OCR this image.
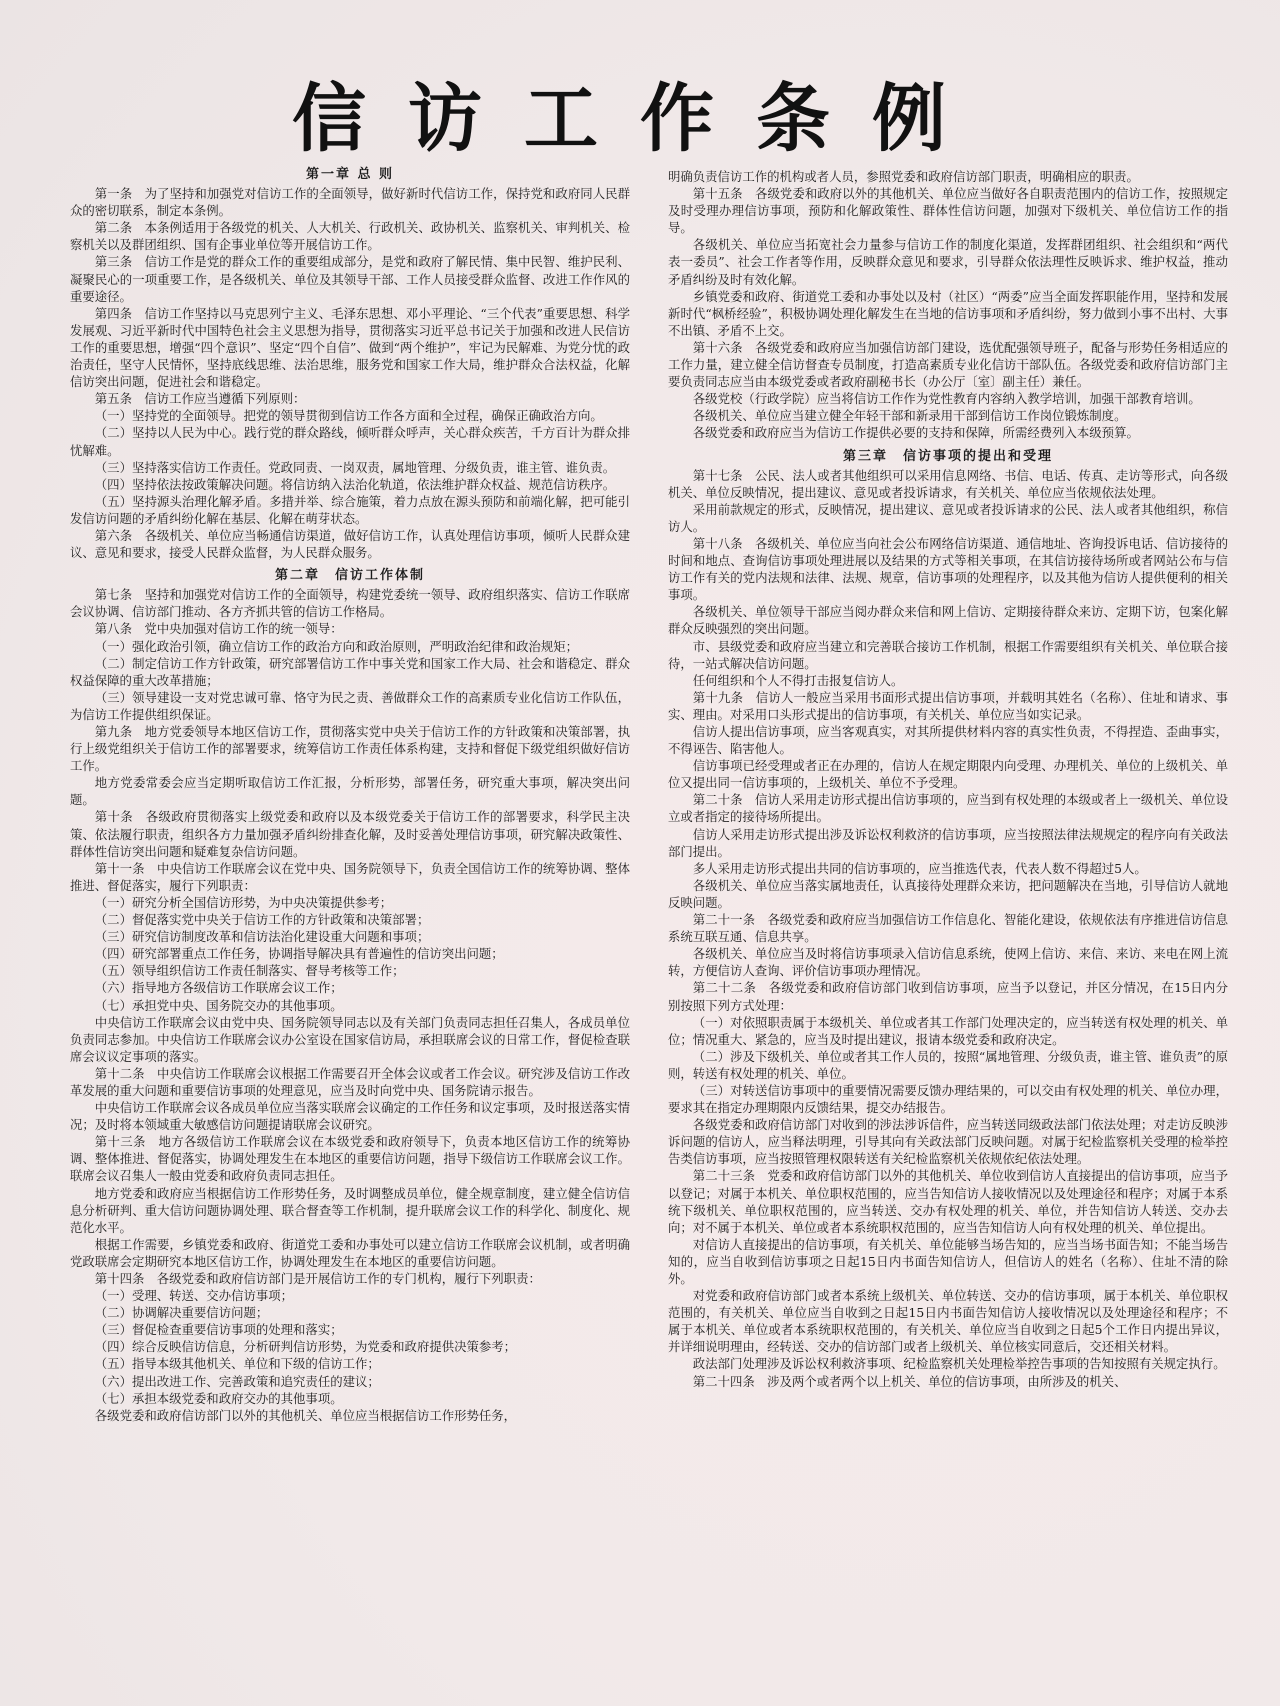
信访工作条例
第一章 总 则

第一条　为了坚持和加强党对信访工作的全面领导，做好新时代信访工作，保持党和政府同人民群众的密切联系，制定本条例。

第二条　本条例适用于各级党的机关、人大机关、行政机关、政协机关、监察机关、审判机关、检察机关以及群团组织、国有企事业单位等开展信访工作。

第三条　信访工作是党的群众工作的重要组成部分，是党和政府了解民情、集中民智、维护民利、凝聚民心的一项重要工作，是各级机关、单位及其领导干部、工作人员接受群众监督、改进工作作风的重要途径。

第四条　信访工作坚持以马克思列宁主义、毛泽东思想、邓小平理论、“三个代表”重要思想、科学发展观、习近平新时代中国特色社会主义思想为指导，贯彻落实习近平总书记关于加强和改进人民信访工作的重要思想，增强“四个意识”、坚定“四个自信”、做到“两个维护”，牢记为民解难、为党分忧的政治责任，坚守人民情怀，坚持底线思维、法治思维，服务党和国家工作大局，维护群众合法权益，化解信访突出问题，促进社会和谐稳定。

第五条　信访工作应当遵循下列原则：

（一）坚持党的全面领导。把党的领导贯彻到信访工作各方面和全过程，确保正确政治方向。

（二）坚持以人民为中心。践行党的群众路线，倾听群众呼声，关心群众疾苦，千方百计为群众排忧解难。

（三）坚持落实信访工作责任。党政同责、一岗双责，属地管理、分级负责，谁主管、谁负责。

（四）坚持依法按政策解决问题。将信访纳入法治化轨道，依法维护群众权益、规范信访秩序。

（五）坚持源头治理化解矛盾。多措并举、综合施策，着力点放在源头预防和前端化解，把可能引发信访问题的矛盾纠纷化解在基层、化解在萌芽状态。

第六条　各级机关、单位应当畅通信访渠道，做好信访工作，认真处理信访事项，倾听人民群众建议、意见和要求，接受人民群众监督，为人民群众服务。

第二章　信访工作体制

第七条　坚持和加强党对信访工作的全面领导，构建党委统一领导、政府组织落实、信访工作联席会议协调、信访部门推动、各方齐抓共管的信访工作格局。

第八条　党中央加强对信访工作的统一领导：

（一）强化政治引领，确立信访工作的政治方向和政治原则，严明政治纪律和政治规矩；

（二）制定信访工作方针政策，研究部署信访工作中事关党和国家工作大局、社会和谐稳定、群众权益保障的重大改革措施；

（三）领导建设一支对党忠诚可靠、恪守为民之责、善做群众工作的高素质专业化信访工作队伍，为信访工作提供组织保证。

第九条　地方党委领导本地区信访工作，贯彻落实党中央关于信访工作的方针政策和决策部署，执行上级党组织关于信访工作的部署要求，统筹信访工作责任体系构建，支持和督促下级党组织做好信访工作。

地方党委常委会应当定期听取信访工作汇报，分析形势，部署任务，研究重大事项，解决突出问题。

第十条　各级政府贯彻落实上级党委和政府以及本级党委关于信访工作的部署要求，科学民主决策、依法履行职责，组织各方力量加强矛盾纠纷排查化解，及时妥善处理信访事项，研究解决政策性、群体性信访突出问题和疑难复杂信访问题。

第十一条　中央信访工作联席会议在党中央、国务院领导下，负责全国信访工作的统筹协调、整体推进、督促落实，履行下列职责：

（一）研究分析全国信访形势，为中央决策提供参考；

（二）督促落实党中央关于信访工作的方针政策和决策部署；

（三）研究信访制度改革和信访法治化建设重大问题和事项；

（四）研究部署重点工作任务，协调指导解决具有普遍性的信访突出问题；

（五）领导组织信访工作责任制落实、督导考核等工作；

（六）指导地方各级信访工作联席会议工作；

（七）承担党中央、国务院交办的其他事项。

中央信访工作联席会议由党中央、国务院领导同志以及有关部门负责同志担任召集人，各成员单位负责同志参加。中央信访工作联席会议办公室设在国家信访局，承担联席会议的日常工作，督促检查联席会议议定事项的落实。

第十二条　中央信访工作联席会议根据工作需要召开全体会议或者工作会议。研究涉及信访工作改革发展的重大问题和重要信访事项的处理意见，应当及时向党中央、国务院请示报告。

中央信访工作联席会议各成员单位应当落实联席会议确定的工作任务和议定事项，及时报送落实情况；及时将本领域重大敏感信访问题提请联席会议研究。

第十三条　地方各级信访工作联席会议在本级党委和政府领导下，负责本地区信访工作的统筹协调、整体推进、督促落实，协调处理发生在本地区的重要信访问题，指导下级信访工作联席会议工作。联席会议召集人一般由党委和政府负责同志担任。

地方党委和政府应当根据信访工作形势任务，及时调整成员单位，健全规章制度，建立健全信访信息分析研判、重大信访问题协调处理、联合督查等工作机制，提升联席会议工作的科学化、制度化、规范化水平。

根据工作需要，乡镇党委和政府、街道党工委和办事处可以建立信访工作联席会议机制，或者明确党政联席会定期研究本地区信访工作，协调处理发生在本地区的重要信访问题。

第十四条　各级党委和政府信访部门是开展信访工作的专门机构，履行下列职责：

（一）受理、转送、交办信访事项；

（二）协调解决重要信访问题；

（三）督促检查重要信访事项的处理和落实；

（四）综合反映信访信息，分析研判信访形势，为党委和政府提供决策参考；

（五）指导本级其他机关、单位和下级的信访工作；

（六）提出改进工作、完善政策和追究责任的建议；

（七）承担本级党委和政府交办的其他事项。

各级党委和政府信访部门以外的其他机关、单位应当根据信访工作形势任务，

明确负责信访工作的机构或者人员，参照党委和政府信访部门职责，明确相应的职责。

第十五条　各级党委和政府以外的其他机关、单位应当做好各自职责范围内的信访工作，按照规定及时受理办理信访事项，预防和化解政策性、群体性信访问题，加强对下级机关、单位信访工作的指导。

各级机关、单位应当拓宽社会力量参与信访工作的制度化渠道，发挥群团组织、社会组织和“两代表一委员”、社会工作者等作用，反映群众意见和要求，引导群众依法理性反映诉求、维护权益，推动矛盾纠纷及时有效化解。

乡镇党委和政府、街道党工委和办事处以及村（社区）“两委”应当全面发挥职能作用，坚持和发展新时代“枫桥经验”，积极协调处理化解发生在当地的信访事项和矛盾纠纷，努力做到小事不出村、大事不出镇、矛盾不上交。

第十六条　各级党委和政府应当加强信访部门建设，选优配强领导班子，配备与形势任务相适应的工作力量，建立健全信访督查专员制度，打造高素质专业化信访干部队伍。各级党委和政府信访部门主要负责同志应当由本级党委或者政府副秘书长（办公厅〔室〕副主任）兼任。

各级党校（行政学院）应当将信访工作作为党性教育内容纳入教学培训，加强干部教育培训。

各级机关、单位应当建立健全年轻干部和新录用干部到信访工作岗位锻炼制度。

各级党委和政府应当为信访工作提供必要的支持和保障，所需经费列入本级预算。

第三章　信访事项的提出和受理

第十七条　公民、法人或者其他组织可以采用信息网络、书信、电话、传真、走访等形式，向各级机关、单位反映情况，提出建议、意见或者投诉请求，有关机关、单位应当依规依法处理。

采用前款规定的形式，反映情况，提出建议、意见或者投诉请求的公民、法人或者其他组织，称信访人。

第十八条　各级机关、单位应当向社会公布网络信访渠道、通信地址、咨询投诉电话、信访接待的时间和地点、查询信访事项处理进展以及结果的方式等相关事项，在其信访接待场所或者网站公布与信访工作有关的党内法规和法律、法规、规章，信访事项的处理程序，以及其他为信访人提供便利的相关事项。

各级机关、单位领导干部应当阅办群众来信和网上信访、定期接待群众来访、定期下访，包案化解群众反映强烈的突出问题。

市、县级党委和政府应当建立和完善联合接访工作机制，根据工作需要组织有关机关、单位联合接待，一站式解决信访问题。

任何组织和个人不得打击报复信访人。

第十九条　信访人一般应当采用书面形式提出信访事项，并载明其姓名（名称）、住址和请求、事实、理由。对采用口头形式提出的信访事项，有关机关、单位应当如实记录。

信访人提出信访事项，应当客观真实，对其所提供材料内容的真实性负责，不得捏造、歪曲事实，不得诬告、陷害他人。

信访事项已经受理或者正在办理的，信访人在规定期限内向受理、办理机关、单位的上级机关、单位又提出同一信访事项的，上级机关、单位不予受理。

第二十条　信访人采用走访形式提出信访事项的，应当到有权处理的本级或者上一级机关、单位设立或者指定的接待场所提出。

信访人采用走访形式提出涉及诉讼权利救济的信访事项，应当按照法律法规规定的程序向有关政法部门提出。

多人采用走访形式提出共同的信访事项的，应当推选代表，代表人数不得超过5人。

各级机关、单位应当落实属地责任，认真接待处理群众来访，把问题解决在当地，引导信访人就地反映问题。

第二十一条　各级党委和政府应当加强信访工作信息化、智能化建设，依规依法有序推进信访信息系统互联互通、信息共享。

各级机关、单位应当及时将信访事项录入信访信息系统，使网上信访、来信、来访、来电在网上流转，方便信访人查询、评价信访事项办理情况。

第二十二条　各级党委和政府信访部门收到信访事项，应当予以登记，并区分情况，在15日内分别按照下列方式处理：

（一）对依照职责属于本级机关、单位或者其工作部门处理决定的，应当转送有权处理的机关、单位；情况重大、紧急的，应当及时提出建议，报请本级党委和政府决定。

（二）涉及下级机关、单位或者其工作人员的，按照“属地管理、分级负责，谁主管、谁负责”的原则，转送有权处理的机关、单位。

（三）对转送信访事项中的重要情况需要反馈办理结果的，可以交由有权处理的机关、单位办理，要求其在指定办理期限内反馈结果，提交办结报告。

各级党委和政府信访部门对收到的涉法涉诉信件，应当转送同级政法部门依法处理；对走访反映涉诉问题的信访人，应当释法明理，引导其向有关政法部门反映问题。对属于纪检监察机关受理的检举控告类信访事项，应当按照管理权限转送有关纪检监察机关依规依纪依法处理。

第二十三条　党委和政府信访部门以外的其他机关、单位收到信访人直接提出的信访事项，应当予以登记；对属于本机关、单位职权范围的，应当告知信访人接收情况以及处理途径和程序；对属于本系统下级机关、单位职权范围的，应当转送、交办有权处理的机关、单位，并告知信访人转送、交办去向；对不属于本机关、单位或者本系统职权范围的，应当告知信访人向有权处理的机关、单位提出。

对信访人直接提出的信访事项，有关机关、单位能够当场告知的，应当当场书面告知；不能当场告知的，应当自收到信访事项之日起15日内书面告知信访人，但信访人的姓名（名称）、住址不清的除外。

对党委和政府信访部门或者本系统上级机关、单位转送、交办的信访事项，属于本机关、单位职权范围的，有关机关、单位应当自收到之日起15日内书面告知信访人接收情况以及处理途径和程序；不属于本机关、单位或者本系统职权范围的，有关机关、单位应当自收到之日起5个工作日内提出异议，并详细说明理由，经转送、交办的信访部门或者上级机关、单位核实同意后，交还相关材料。

政法部门处理涉及诉讼权利救济事项、纪检监察机关处理检举控告事项的告知按照有关规定执行。

第二十四条　涉及两个或者两个以上机关、单位的信访事项，由所涉及的机关、
